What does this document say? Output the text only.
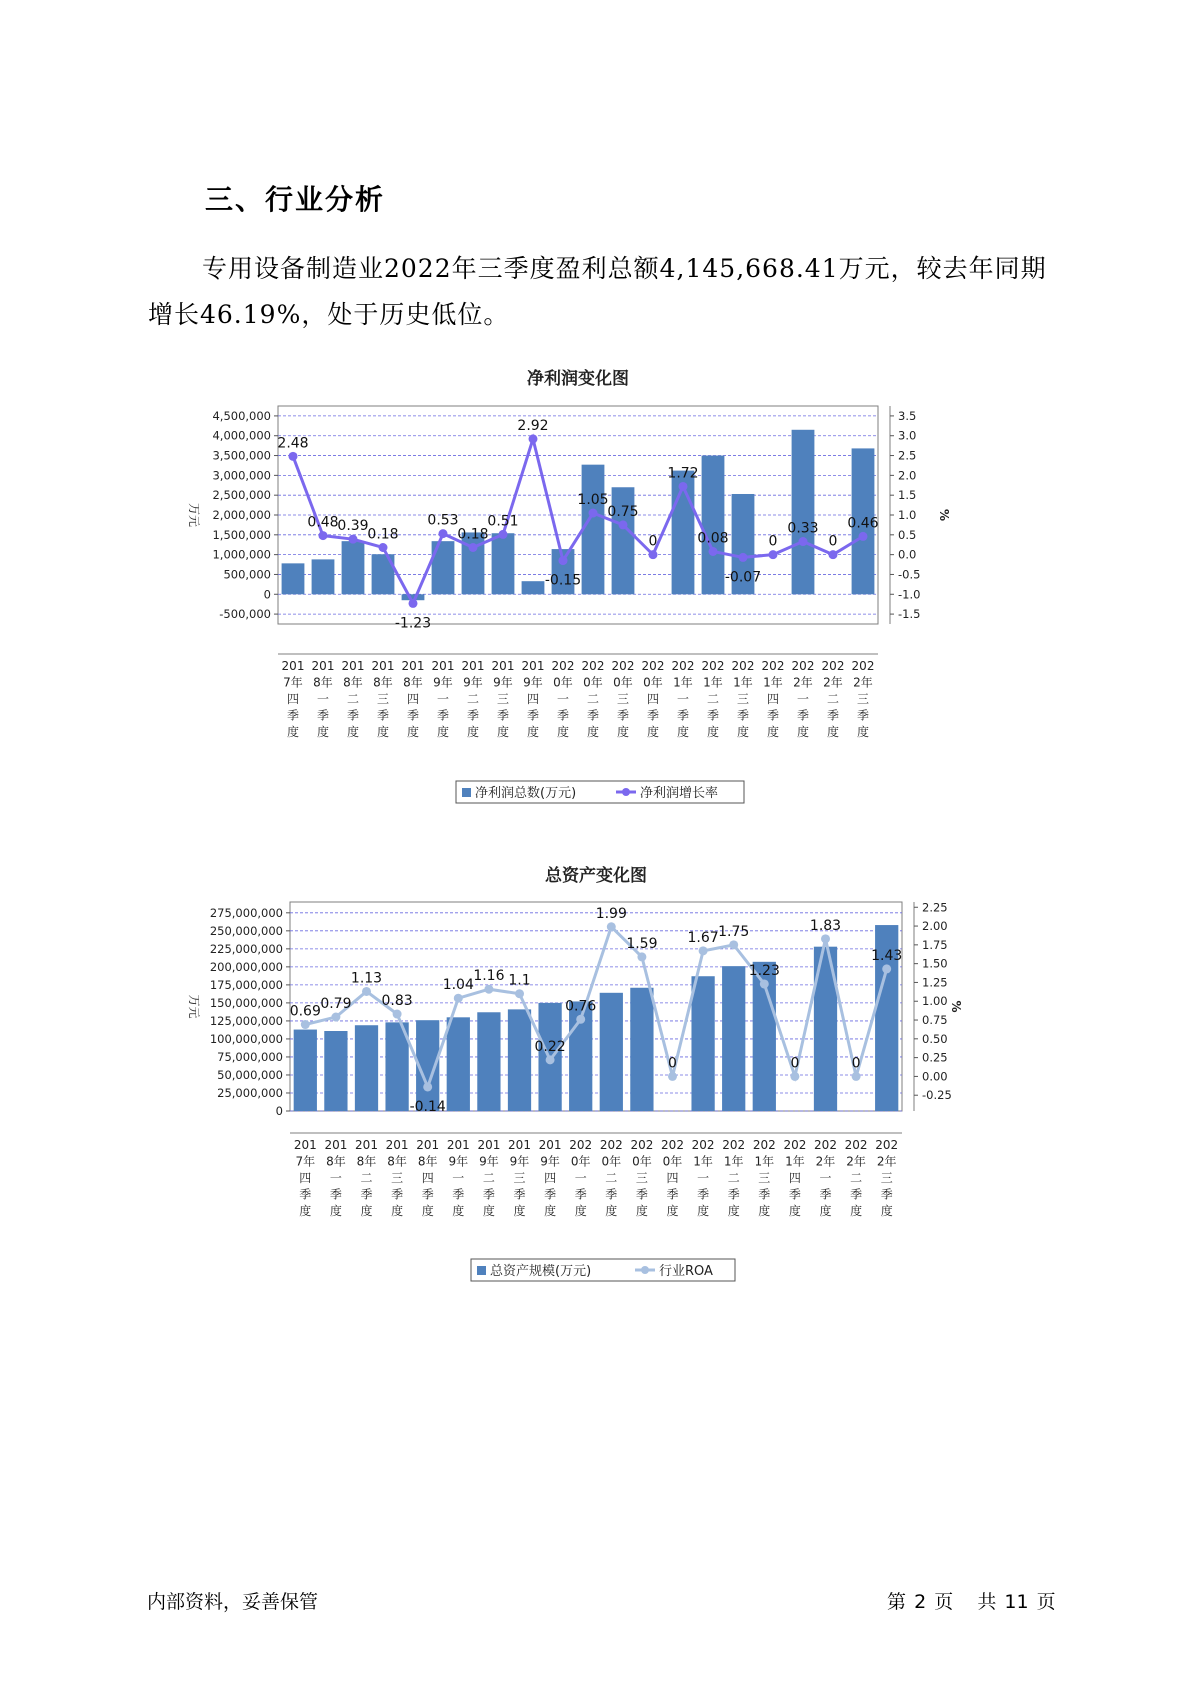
三、行业分析

专用设备制造业2022年三季度盈利总额4,145,668.41万元，较去年同期增长46.19%，处于历史低位。

净利润变化图
4,500,000
4,000,000
3,500,000
3,000,000
2,500,000
2,000,000
1,500,000
1,000,000
500,000
0
-500,000
3.5
3.0
2.5
2.0
1.5
1.0
0.5
0.0
-0.5
-1.0
-1.5
万元	%
2.48
0.48
0.39
0.18
-1.23
0.53
0.18
0.51
2.92
-0.15
1.05
0.75
0
1.72
0.08
-0.07
0
0.33
0
0.46
201
7年
四
季
度
201
8年
一
季
度
201
8年
二
季
度
201
8年
三
季
度
201
8年
四
季
度
201
9年
一
季
度
201
9年
二
季
度
201
9年
三
季
度
201
9年
四
季
度
202
0年
一
季
度
202
0年
二
季
度
202
0年
三
季
度
202
0年
四
季
度
202
1年
一
季
度
202
1年
二
季
度
202
1年
三
季
度
202
1年
四
季
度
202
2年
一
季
度
202
2年
二
季
度
202
2年
三
季
度
净利润总数(万元)	净利润增长率
总资产变化图
275,000,000
250,000,000
225,000,000
200,000,000
175,000,000
150,000,000
125,000,000
100,000,000
75,000,000
50,000,000
25,000,000
0
2.25
2.00
1.75
1.50
1.25
1.00
0.75
0.50
0.25
0.00
-0.25
万元	%
0.69 0.79
1.13
0.83
-0.14
1.04
1.16 1.1
0.22
0.76
1.99
1.59
0
1.67 1.75
1.23
0
1.83
0
1.43
201
7年
四
季
度
201
8年
一
季
度
201
8年
二
季
度
201
8年
三
季
度
201
8年
四
季
度
201
9年
一
季
度
201
9年
二
季
度
201
9年
三
季
度
201
9年
四
季
度
202
0年
一
季
度
202
0年
二
季
度
202
0年
三
季
度
202
0年
四
季
度
202
1年
一
季
度
202
1年
二
季
度
202
1年
三
季
度
202
1年
四
季
度
202
2年
一
季
度
202
2年
二
季
度
202
2年
三
季
度
总资产规模(万元)	行业ROA
内部资料，妥善保管	第 2 页   共 11 页
